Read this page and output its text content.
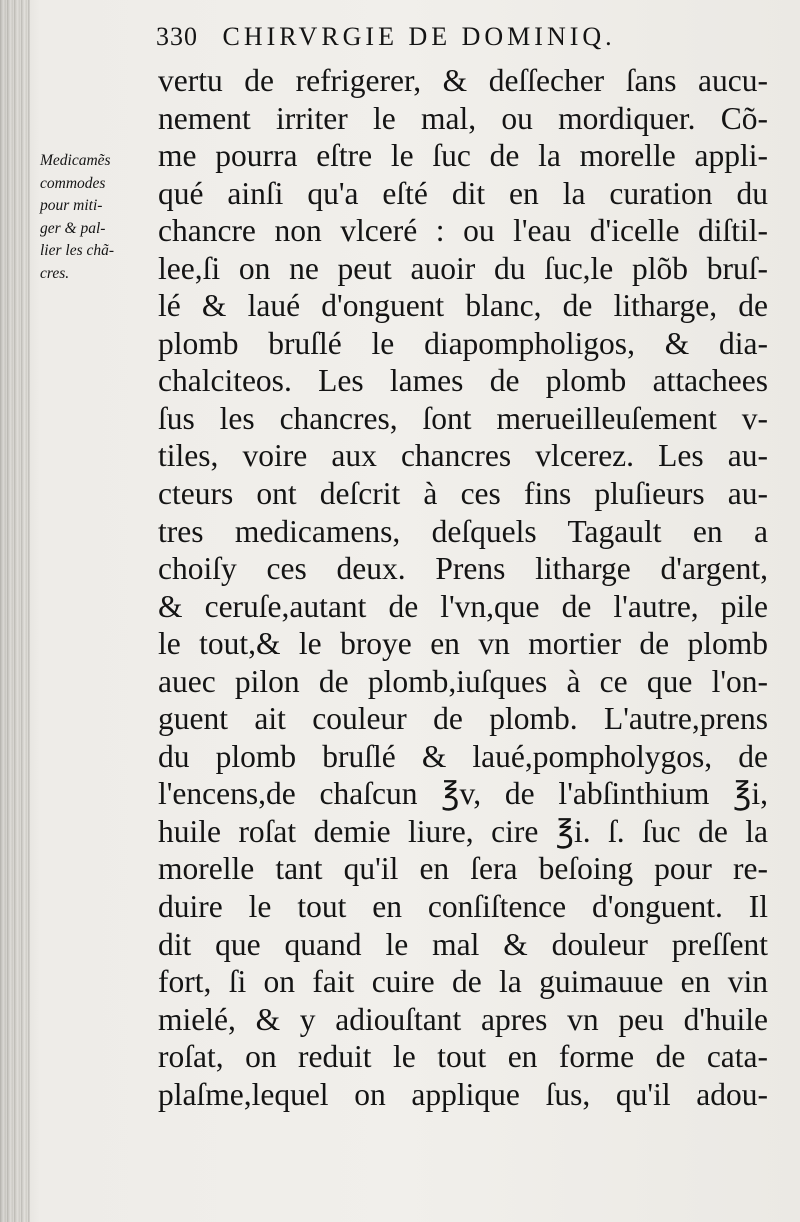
330 CHIRVRGIE DE DOMINIQ.
Medicamẽs
commodes
pour miti-
ger & pal-
lier les chã-
cres.
vertu de refrigerer, & deſſecher ſans aucu-
nement irriter le mal, ou mordiquer. Cõ-
me pourra eſtre le ſuc de la morelle appli-
qué ainſi qu'a eſté dit en la curation du
chancre non vlceré : ou l'eau d'icelle diſtil-
lee,ſi on ne peut auoir du ſuc,le plõb bruſ-
lé & laué d'onguent blanc, de litharge, de
plomb bruſlé le diapompholigos, & dia-
chalciteos. Les lames de plomb attachees
ſus les chancres, ſont merueilleuſement v-
tiles, voire aux chancres vlcerez. Les au-
cteurs ont deſcrit à ces fins pluſieurs au-
tres medicamens, deſquels Tagault en a
choiſy ces deux. Prens litharge d'argent,
& ceruſe,autant de l'vn,que de l'autre, pile
le tout,& le broye en vn mortier de plomb
auec pilon de plomb,iuſques à ce que l'on-
guent ait couleur de plomb. L'autre,prens
du plomb bruſlé & laué,pompholygos, de
l'encens,de chaſcun ℥v, de l'abſinthium ℥i,
huile roſat demie liure, cire ℥i. ſ. ſuc de la
morelle tant qu'il en ſera beſoing pour re-
duire le tout en conſiſtence d'onguent. Il
dit que quand le mal & douleur preſſent
fort, ſi on fait cuire de la guimauue en vin
mielé, & y adiouſtant apres vn peu d'huile
roſat, on reduit le tout en forme de cata-
plaſme,lequel on applique ſus, qu'il adou-
